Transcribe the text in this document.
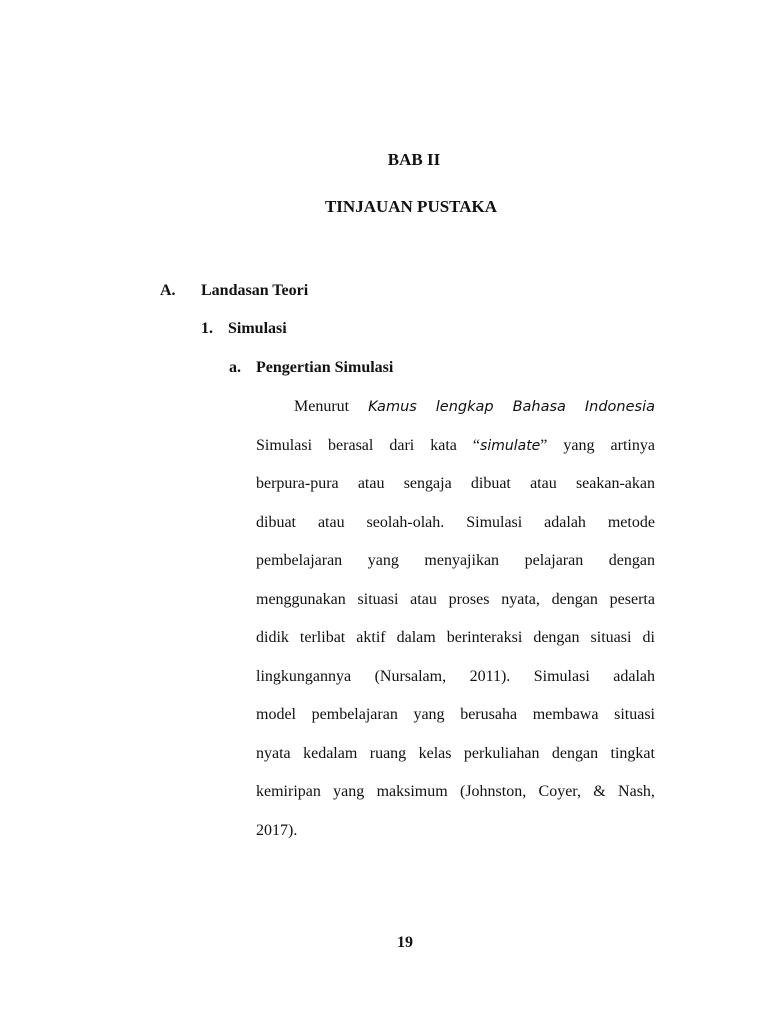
BAB II
TINJAUAN PUSTAKA
A. Landasan Teori
1. Simulasi
a. Pengertian Simulasi
Menurut Kamus lengkap Bahasa Indonesia
Simulasi berasal dari kata “simulate” yang artinya
berpura-pura atau sengaja dibuat atau seakan-akan
dibuat atau seolah-olah. Simulasi adalah metode
pembelajaran yang menyajikan pelajaran dengan
menggunakan situasi atau proses nyata, dengan peserta
didik terlibat aktif dalam berinteraksi dengan situasi di
lingkungannya (Nursalam, 2011). Simulasi adalah
model pembelajaran yang berusaha membawa situasi
nyata kedalam ruang kelas perkuliahan dengan tingkat
kemiripan yang maksimum (Johnston, Coyer, & Nash,
2017).
19
